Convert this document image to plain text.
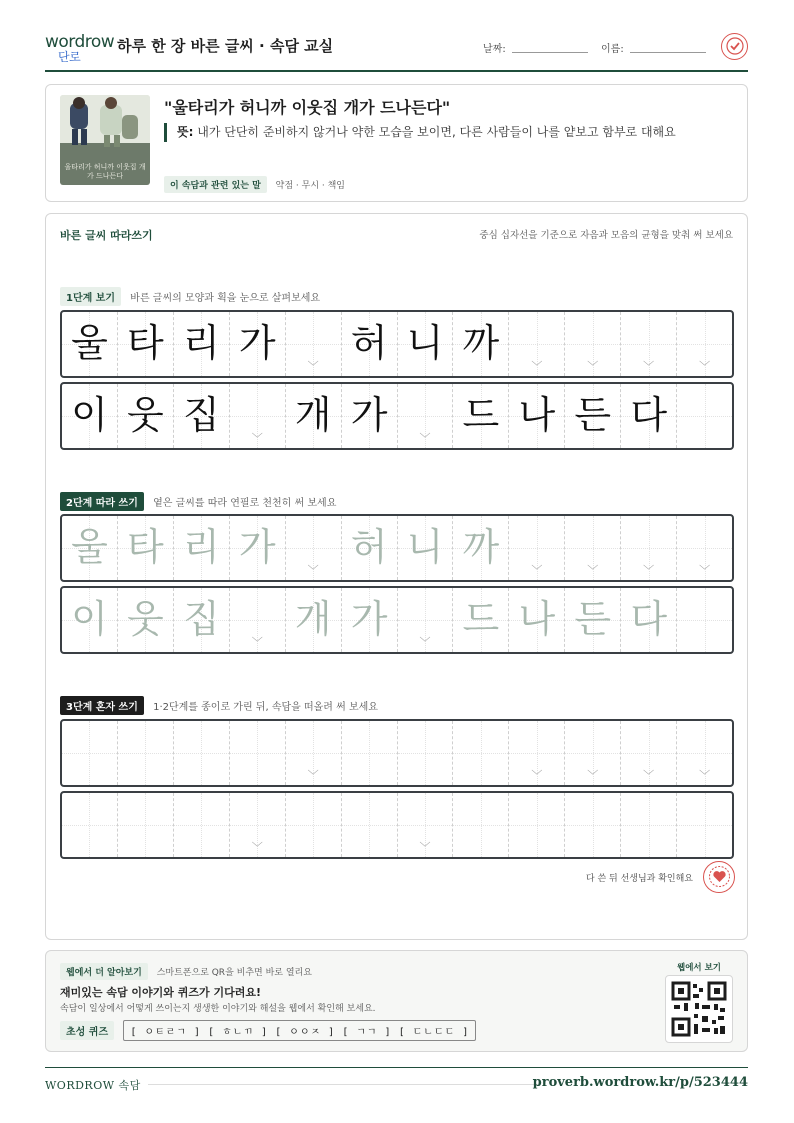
wordrow
단로
하루 한 장 바른 글씨 · 속담 교실	날짜:	이름:
울타리가 허니까 이웃집 개가 드나든다
"울타리가 허니까 이웃집 개가 드나든다"
뜻: 내가 단단히 준비하지 않거나 약한 모습을 보이면, 다른 사람들이 나를 얕보고 함부로 대해요
이 속담과 관련 있는 말 약점 · 무시 · 책임
바른 글씨 따라쓰기	중심 십자선을 기준으로 자음과 모음의 균형을 맞춰 써 보세요
1단계 보기 바른 글씨의 모양과 획을 눈으로 살펴보세요
울 타 리 가
﹀
허 니 까
﹀	﹀	﹀	﹀
이 웃 집
﹀
개 가
﹀
드 나 든 다
2단계 따라 쓰기 옅은 글씨를 따라 연필로 천천히 써 보세요
울 타 리 가
﹀
허 니 까
﹀	﹀	﹀	﹀
이 웃 집
﹀
개 가
﹀
드 나 든 다
3단계 혼자 쓰기 1·2단계를 종이로 가린 뒤, 속담을 떠올려 써 보세요
﹀	﹀	﹀	﹀	﹀
﹀	﹀
다 쓴 뒤 선생님과 확인해요
웹에서 더 알아보기 스마트폰으로 QR을 비추면 바로 열리요
재미있는 속담 이야기와 퀴즈가 기다려요!
속담이 일상에서 어떻게 쓰이는지 생생한 이야기와 해설을 웹에서 확인해 보세요.
초성 퀴즈 [ ㅇㅌㄹㄱ ] [ ㅎㄴㄲ ] [ ㅇㅇㅈ ] [ ㄱㄱ ] [ ㄷㄴㄷㄷ ]
웹에서 보기
WORDROW 속담	proverb.wordrow.kr/p/523444
